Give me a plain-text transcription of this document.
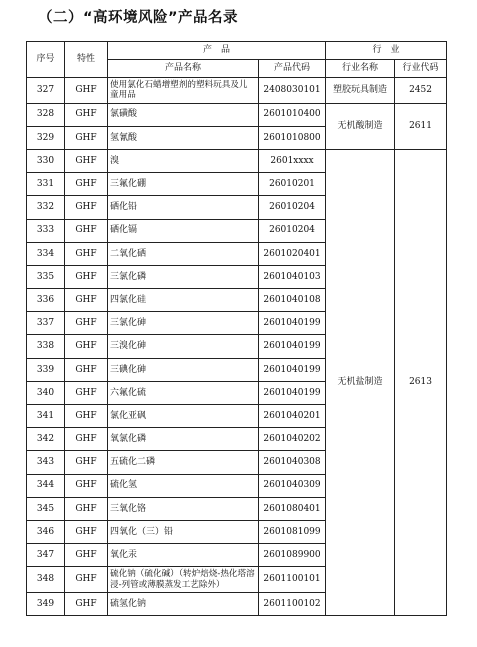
（二）“高环境风险”产品名录
序号	特性	产　品		行　业	
		产品名称	产品代码	行业名称	行业代码
327	GHF	使用氯化石蜡增塑剂的塑料玩具及儿童用品	2408030101	塑胶玩具制造	2452
328	GHF	氯磺酸	2601010400	无机酸制造	2611
329	GHF	氢氰酸	2601010800		
330	GHF	溴	2601xxxx	无机盐制造	2613
331	GHF	三氟化硼	26010201		
332	GHF	硒化铅	26010204		
333	GHF	硒化镉	26010204		
334	GHF	二氧化硒	2601020401		
335	GHF	三氯化磷	2601040103		
336	GHF	四氯化硅	2601040108		
337	GHF	三氯化砷	2601040199		
338	GHF	三溴化砷	2601040199		
339	GHF	三碘化砷	2601040199		
340	GHF	六氟化硫	2601040199		
341	GHF	氯化亚砜	2601040201		
342	GHF	氧氯化磷	2601040202		
343	GHF	五硫化二磷	2601040308		
344	GHF	硫化氢	2601040309		
345	GHF	三氧化铬	2601080401		
346	GHF	四氧化（三）铅	2601081099		
347	GHF	氧化汞	2601089900		
348	GHF	硫化钠（硫化碱）（转炉焙烧-热化塔溶浸-列管或薄膜蒸发工艺除外）	2601100101		
349	GHF	硫氢化钠	2601100102		
